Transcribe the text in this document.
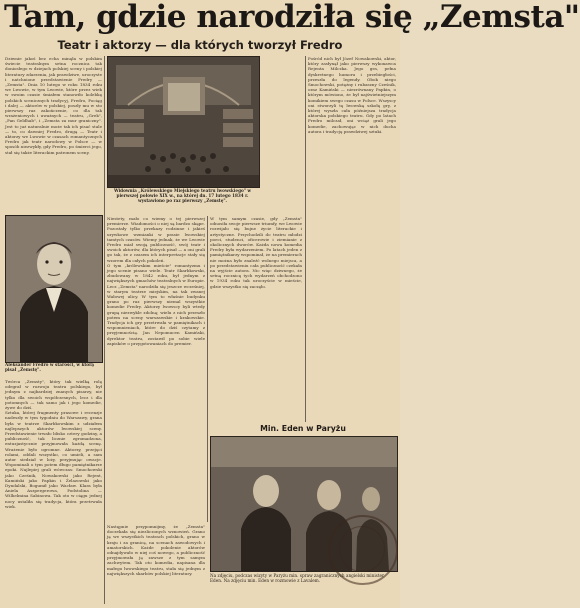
Tam, gdzie narodziła się „Zemsta"
Teatr i aktorzy — dla których tworzył Fredro

Dziwnie jakoś bez echa minęła w polskim świecie teatralnym setna rocznica tak doniosłego w dziejach polskiej sceny i polskiej literatury zdarzenia, jak prawdziwe, uroczyste i natchnione przedstawienie Fredry — „Zemsta". Dnia 10 lutego w roku 1834 roku we Lwowie, w tym Lwowie, które przez wiek w swoim czasie śmiałem stanowiło kolebkę polskich scenicznych tradycyj, Fredro, Pociąg i dalej — aktorów w polskiej, poszły mu w sto pierwszy raz zakończenie, co dla tak wrażeniowych i uważnych — teatru, „Grek", „Pan Geldhab", i „Zemsta za mur graniczny". Jest to już naturalnie może tak ich pisać stale — to, co dawniej Fredro, drugą — Teatr i aktorzy we Lwowie w czasach romantycznych Fredro jak teatr narodowy w Polsce — w sposób niezwykły, gdy Fredro, po śmierci jego, stał się także literackim patronem sceny.

Aleksander Fredro w starości, w którą pisał „Zemstę".

Twórca „Zemsty", który tak wielką rolę odegrał w rozwoju teatru polskiego, był jednym z najbardziej znanych pisarzy, nie tylko dla swoich współczesnych, lecz i dla potomnych — tak samo jak i jego komedie, żywe do dziś.

Sztuka, której fragmenty prasowe i recenzje nadeszły w tym tygodniu do Warszawy, grana była w teatrze Skarbkowskim z udziałem najlepszych aktorów lwowskiej sceny. Przedstawienie trwało blisko cztery godziny, a publiczność, tak licznie zgromadzona, entuzjastycznie przyjmowała każdą scenę. Wrażenie było ogromne. Aktorzy, przejęci rolami, oddali wszystko, co umieli, a sam autor siedział w loży, przyjmując owacje. Wspominali o tym potem długo pamiętnikarze epoki. Najlepiej grali wówczas: Smochowski jako Cześnik, Nowakowski jako Rejent, Kamiński jako Papkin i Żelazowski jako Dyndalski, Bogumił jako Wacław. Klara była Aniela Aszpergerowa, Podstolina — Wilhelmina Sabinowa. Tak oto w ciągu jednej nocy ustaliła się tradycja, która przetrwała wiek.

Widownia „Królewskiego Miejskiego teatru lwowskiego" w pierwszej połowie XIX w., na której dn. 17 lutego 1834 r. wystawiono po raz pierwszy „Zemstę".

Niestety, mało co wiemy o tej pierwszej premierze. Wiadomości o niej są bardzo skąpe. Pozostały tylko przekazy rodzinne i jakieś urywkowe wzmianki w prasie lwowskiej tamtych czasów. Wiemy jednak, że we Lwowie Fredro miał swoją publiczność, swój teatr i swoich aktorów, dla których pisał — a oni grali go tak, że z czasem ich interpretacje stały się wzorem dla całych pokoleń.

O tym „królewskim mieście" romantyzmu i jego scenie pisano wiele. Teatr Skarbkowski, zbudowany w 1842 roku, był jednym z największych gmachów teatralnych w Europie. Lecz „Zemsta" narodziła się jeszcze wcześniej, w starym teatrze miejskim, na tak zwanej Wałowej ulicy. W tym to właśnie budynku grano po raz pierwszy niemal wszystkie komedie Fredry. Aktorzy lwowscy byli wtedy grupą niezwykle zdolną; wielu z nich przeszło potem na sceny warszawskie i krakowskie. Tradycja ich gry przetrwała w pamiętnikach i wspomnieniach, które do dziś czytamy z przyjemnością. Jan Nepomucen Kamiński, dyrektor teatru, zostawił po sobie wiele zapisków o przygotowaniach do premier.

W tym samym czasie, gdy „Zemsta" odnosiła swoje pierwsze triumfy, we Lwowie rozwijało się bujne życie literackie i artystyczne. Przychodzili do teatru młodzi poeci, studenci, oficerowie i ziemianie z okolicznych dworów. Każda nowa komedia Fredry była wydarzeniem. Po latach jeden z pamiętnikarzy wspominał, że na premierach nie można było znaleźć wolnego miejsca, a po przedstawieniu cała publiczność czekała na wyjście autora. Nic więc dziwnego, że setną rocznicę tych wydarzeń obchodzono w 1934 roku tak uroczyście w mieście, gdzie wszystko się zaczęło.

Pośród nich był Józef Nowakowski, aktor, który zasłynął jako pierwszy wykonawca Rejenta Milczka. Jego gra, pełna dyskretnego humoru i przebiegłości, przeszła do legendy. Obok niego Smochowski, potężny i rubaszny Cześnik, oraz Kamiński — niezrównany Papkin, o którym mówiono, że był najświetniejszym komikiem swego czasu w Polsce. Wszyscy oni stworzyli tę lwowską szkołę gry, z której wyszła cała późniejsza tradycja aktorska polskiego teatru. Gdy po latach Fredro milczał, oni wciąż grali jego komedie, zachowując w nich ducha autora i tradycję prawdziwej sztuki.

Następnie przypomnijmy, że „Zemsta" doczekała się niezliczonych wznowień. Grano ją we wszystkich teatrach polskich, grano w kraju i za granicą, na scenach zawodowych i amatorskich. Każde pokolenie aktorów odnajdywało w niej coś nowego, a publiczność przyjmowała ją zawsze z tym samym zachwytem. Tak oto komedia, napisana dla małego lwowskiego teatru, stała się jednym z największych skarbów polskiej literatury.

Min. Eden w Paryżu
Na zdjęciu, podczas wizyty w Paryżu min. spraw zagranicznych angielski minister Eden. Na zdjęciu min. Eden w rozmowie z Lavalem.
